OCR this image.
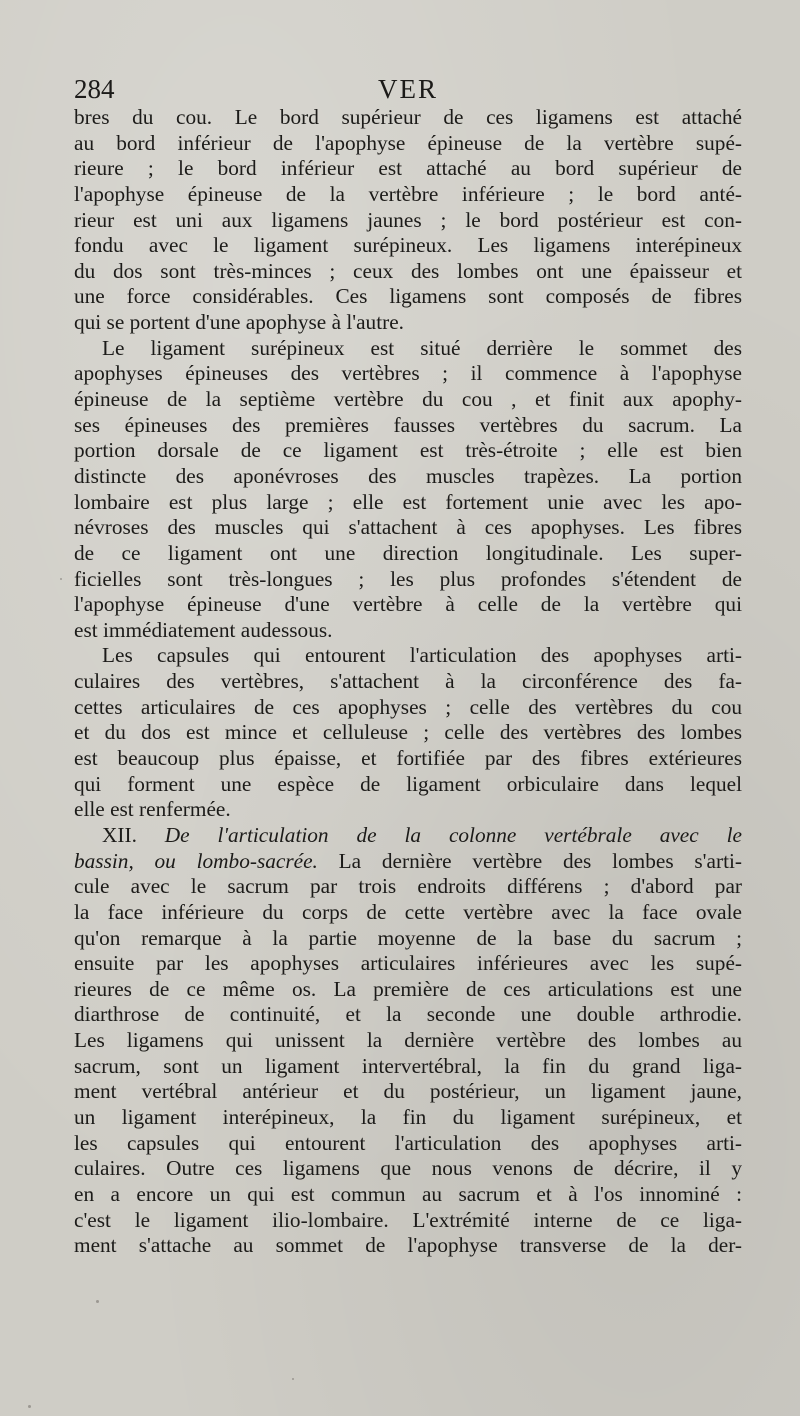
284	VER
bres du cou. Le bord supérieur de ces ligamens est attaché
au bord inférieur de l'apophyse épineuse de la vertèbre supé-
rieure ; le bord inférieur est attaché au bord supérieur de
l'apophyse épineuse de la vertèbre inférieure ; le bord anté-
rieur est uni aux ligamens jaunes ; le bord postérieur est con-
fondu avec le ligament surépineux. Les ligamens interépineux
du dos sont très-minces ; ceux des lombes ont une épaisseur et
une force considérables. Ces ligamens sont composés de fibres
qui se portent d'une apophyse à l'autre.
Le ligament surépineux est situé derrière le sommet des
apophyses épineuses des vertèbres ; il commence à l'apophyse
épineuse de la septième vertèbre du cou , et finit aux apophy-
ses épineuses des premières fausses vertèbres du sacrum. La
portion dorsale de ce ligament est très-étroite ; elle est bien
distincte des aponévroses des muscles trapèzes. La portion
lombaire est plus large ; elle est fortement unie avec les apo-
névroses des muscles qui s'attachent à ces apophyses. Les fibres
de ce ligament ont une direction longitudinale. Les super-
ficielles sont très-longues ; les plus profondes s'étendent de
l'apophyse épineuse d'une vertèbre à celle de la vertèbre qui
est immédiatement audessous.
Les capsules qui entourent l'articulation des apophyses arti-
culaires des vertèbres, s'attachent à la circonférence des fa-
cettes articulaires de ces apophyses ; celle des vertèbres du cou
et du dos est mince et celluleuse ; celle des vertèbres des lombes
est beaucoup plus épaisse, et fortifiée par des fibres extérieures
qui forment une espèce de ligament orbiculaire dans lequel
elle est renfermée.
XII. De l'articulation de la colonne vertébrale avec le
bassin, ou lombo-sacrée. La dernière vertèbre des lombes s'arti-
cule avec le sacrum par trois endroits différens ; d'abord par
la face inférieure du corps de cette vertèbre avec la face ovale
qu'on remarque à la partie moyenne de la base du sacrum ;
ensuite par les apophyses articulaires inférieures avec les supé-
rieures de ce même os. La première de ces articulations est une
diarthrose de continuité, et la seconde une double arthrodie.
Les ligamens qui unissent la dernière vertèbre des lombes au
sacrum, sont un ligament intervertébral, la fin du grand liga-
ment vertébral antérieur et du postérieur, un ligament jaune,
un ligament interépineux, la fin du ligament surépineux, et
les capsules qui entourent l'articulation des apophyses arti-
culaires. Outre ces ligamens que nous venons de décrire, il y
en a encore un qui est commun au sacrum et à l'os innominé :
c'est le ligament ilio-lombaire. L'extrémité interne de ce liga-
ment s'attache au sommet de l'apophyse transverse de la der-
